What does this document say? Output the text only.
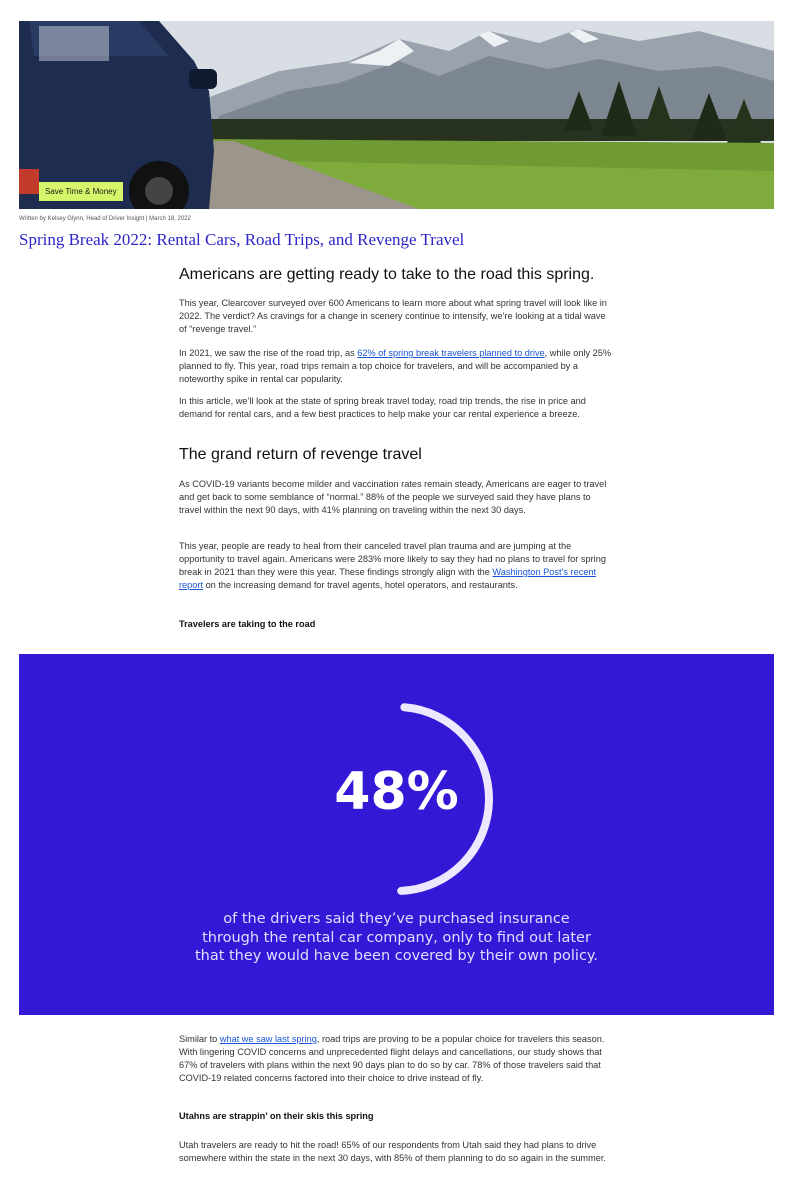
Save Time & Money
Written by Kelsey Glynn, Head of Driver Insight | March 18, 2022
Spring Break 2022: Rental Cars, Road Trips, and Revenge Travel
Americans are getting ready to take to the road this spring.

This year, Clearcover surveyed over 600 Americans to learn more about what spring travel will look like in 2022. The verdict? As cravings for a change in scenery continue to intensify, we’re looking at a tidal wave of “revenge travel.”

In 2021, we saw the rise of the road trip, as 62% of spring break travelers planned to drive, while only 25% planned to fly. This year, road trips remain a top choice for travelers, and will be accompanied by a noteworthy spike in rental car popularity.

In this article, we’ll look at the state of spring break travel today, road trip trends, the rise in price and demand for rental cars, and a few best practices to help make your car rental experience a breeze.

The grand return of revenge travel

As COVID-19 variants become milder and vaccination rates remain steady, Americans are eager to travel and get back to some semblance of “normal.” 88% of the people we surveyed said they have plans to travel within the next 90 days, with 41% planning on traveling within the next 30 days.

This year, people are ready to heal from their canceled travel plan trauma and are jumping at the opportunity to travel again. Americans were 283% more likely to say they had no plans to travel for spring break in 2021 than they were this year. These findings strongly align with the Washington Post’s recent report on the increasing demand for travel agents, hotel operators, and restaurants.

Travelers are taking to the road

48%
of the drivers said they’ve purchased insurance
through the rental car company, only to find out later
that they would have been covered by their own policy.

Similar to what we saw last spring, road trips are proving to be a popular choice for travelers this season. With lingering COVID concerns and unprecedented flight delays and cancellations, our study shows that 67% of travelers with plans within the next 90 days plan to do so by car. 78% of those travelers said that COVID-19 related concerns factored into their choice to drive instead of fly.

Utahns are strappin’ on their skis this spring

Utah travelers are ready to hit the road! 65% of our respondents from Utah said they had plans to drive somewhere within the state in the next 30 days, with 85% of them planning to do so again in the summer.
